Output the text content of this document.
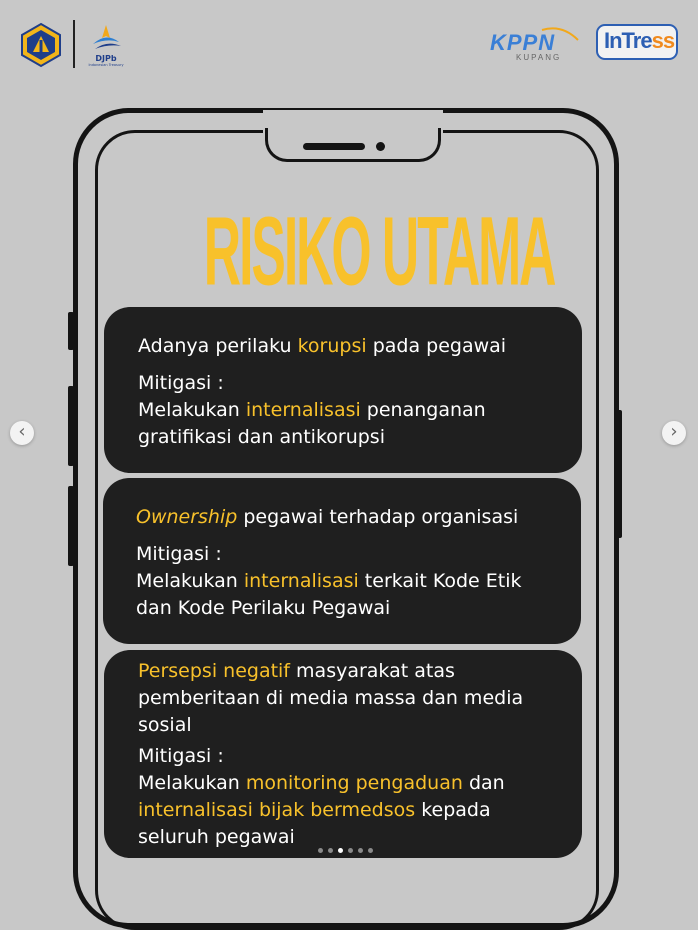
DJPb
Indonesian Treasury
KPPN
KUPANG
InTress
RISIKO UTAMA
Adanya perilaku korupsi pada pegawai
Mitigasi :
Melakukan internalisasi penanganan
gratifikasi dan antikorupsi
Ownership pegawai terhadap organisasi
Mitigasi :
Melakukan internalisasi terkait Kode Etik
dan Kode Perilaku Pegawai
Persepsi negatif masyarakat atas
pemberitaan di media massa dan media
sosial
Mitigasi :
Melakukan monitoring pengaduan dan
internalisasi bijak bermedsos kepada
seluruh pegawai
‹	›
